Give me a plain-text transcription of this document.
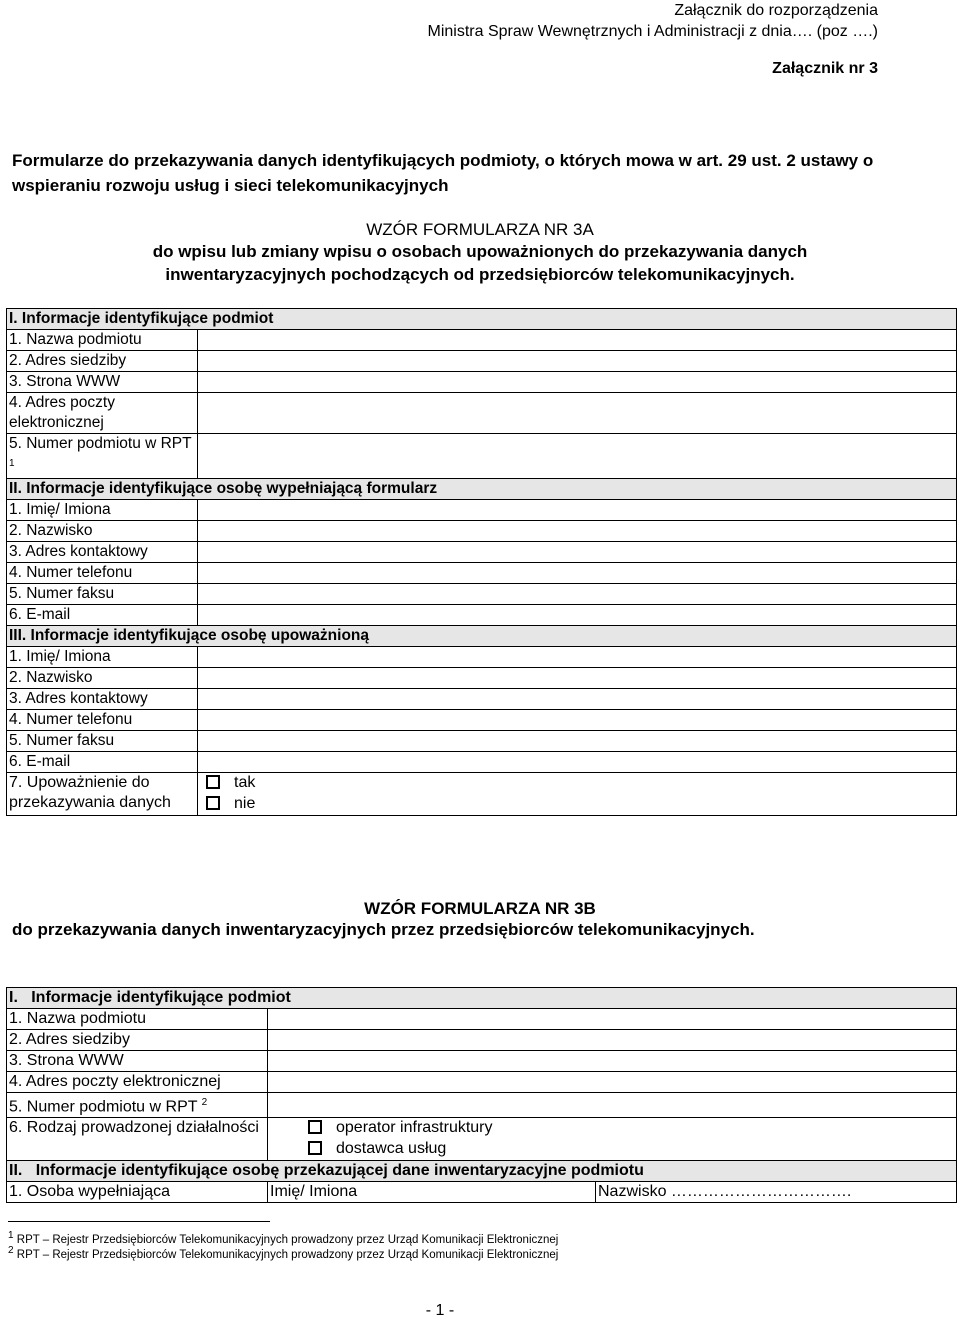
Załącznik do rozporządzenia
Ministra Spraw Wewnętrznych i Administracji z dnia…. (poz ….)
Załącznik nr 3
Formularze do przekazywania danych identyfikujących podmioty, o których mowa w art. 29 ust. 2 ustawy o wspieraniu rozwoju usług i sieci telekomunikacyjnych
WZÓR FORMULARZA NR 3A
do wpisu lub zmiany wpisu o osobach upoważnionych do przekazywania danych
inwentaryzacyjnych pochodzących od przedsiębiorców telekomunikacyjnych.
I. Informacje identyfikujące podmiot	
1. Nazwa podmiotu	
2. Adres siedziby	
3. Strona WWW	
4. Adres poczty elektronicznej	
5. Numer podmiotu w RPT $^1$	
II. Informacje identyfikujące osobę wypełniającą formularz	
1. Imię/ Imiona	
2. Nazwisko	
3. Adres kontaktowy	
4. Numer telefonu	
5. Numer faksu	
6. E-mail	
III. Informacje identyfikujące osobę upoważnioną	
1. Imię/ Imiona	
2. Nazwisko	
3. Adres kontaktowy	
4. Numer telefonu	
5. Numer faksu	
6. E-mail	
7. Upoważnienie do przekazywania danych	tak
nie
WZÓR FORMULARZA NR 3B
do przekazywania danych inwentaryzacyjnych przez przedsiębiorców telekomunikacyjnych.
I. Informacje identyfikujące podmiot		
1. Nazwa podmiotu		
2. Adres siedziby		
3. Strona WWW		
4. Adres poczty elektronicznej		
5. Numer podmiotu w RPT $^2$	
6. Rodzaj prowadzonej działalności	operator infrastruktury
dostawca usług	

II. Informacje identyfikujące osobę przekazującej dane inwentaryzacyjne podmiotu		
1. Osoba wypełniająca	Imię/ Imiona	Nazwisko …………………………….
$^1$ RPT – Rejestr Przedsiębiorców Telekomunikacyjnych prowadzony przez Urząd Komunikacji Elektronicznej
$^2$ RPT – Rejestr Przedsiębiorców Telekomunikacyjnych prowadzony przez Urząd Komunikacji Elektronicznej
- 1 -
